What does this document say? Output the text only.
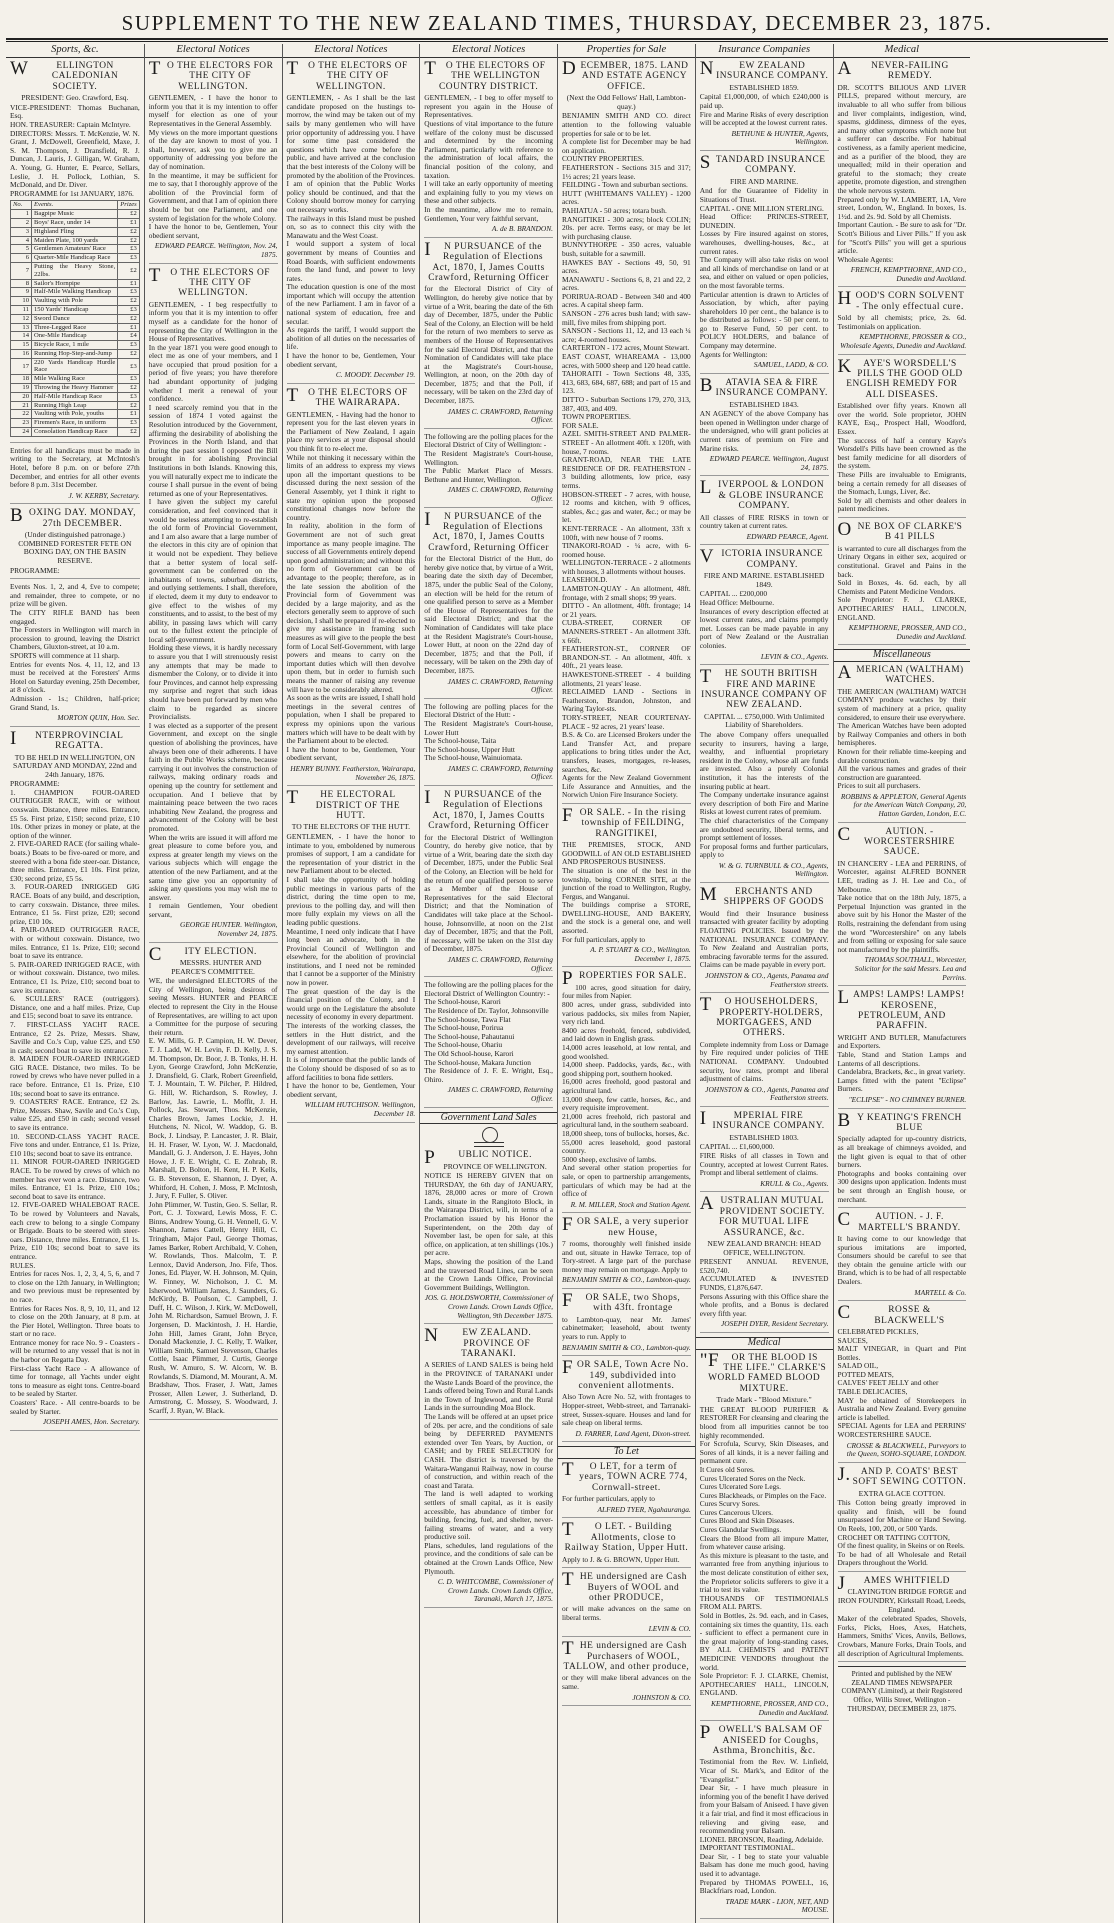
SUPPLEMENT TO THE NEW ZEALAND TIMES, THURSDAY, DECEMBER 23, 1875.
Sports, &c.
WELLINGTON CALEDONIAN SOCIETY.
PRESIDENT: Geo. Crawford, Esq.
VICE-PRESIDENT: Thomas Buchanan, Esq.
HON. TREASURER: Captain McIntyre.
DIRECTORS: Messrs. T. McKenzie, W. N. Grant, J. McDowell, Greenfield, Maxe, J. S. M. Thompson, J. Dransfield, R. J. Duncan, J. Lauris, J. Gilligan, W. Graham, A. Young, G. Hunter, E. Pearce, Sellars, Leslie, J. H. Pollock, Lothian, S. McDonald, and Dr. Diver.
PROGRAMME for 1st JANUARY, 1876.
No.	Events.	Prizes
1	Bagpipe Music	£2
2	Boys' Race, under 14	£1
3	Highland Fling	£2
4	Maiden Plate, 100 yards	£2
5	Gentlemen Amateurs' Race	£3
6	Quarter-Mile Handicap Race	£3
7	Putting the Heavy Stone, 22lbs.	£2
8	Sailor's Hornpipe	£1
9	Half-Mile Walking Handicap	£3
10	Vaulting with Pole	£2
11	150 Yards' Handicap	£3
12	Sword Dance	£2
13	Three-Legged Race	£1
14	One-Mile Handicap	£4
15	Bicycle Race, 1 mile	£3
16	Running Hop-Step-and-Jump	£2
17	220 Yards Handicap Hurdle Race	£3
18	Mile Walking Race	£3
19	Throwing the Heavy Hammer	£2
20	Half-Mile Handicap Race	£3
21	Running High Leap	£2
22	Vaulting with Pole, youths	£1
23	Firemen's Race, in uniform	£3
24	Consolation Handicap Race	£2
Entries for all handicaps must be made in writing to the Secretary, at McIntosh's Hotel, before 8 p.m. on or before 27th December, and entries for all other events before 8 p.m. 31st December.
J. W. KERBY, Secretary.
BOXING DAY. MONDAY, 27th DECEMBER.
(Under distinguished patronage.) COMBINED FORESTER FETE ON BOXING DAY, ON THE BASIN RESERVE.
PROGRAMME:
Events Nos. 1, 2, and 4, £ve to compete; and remainder, three to compete, or no prize will be given.
The CITY RIFLE BAND has been engaged.
The Foresters in Wellington will march in procession to ground, leaving the District Chambers, Gluxton-street, at 10 a.m.
SPORTS will commence at 11 sharp.
Entries for events Nos. 4, 11, 12, and 13 must be received at the Foresters' Arms Hotel on Saturday evening, 25th December, at 8 o'clock.
Admission - 1s.; Children, half-price; Grand Stand, 1s.
MORTON QUIN, Hon. Sec.
INTERPROVINCIAL REGATTA.
TO BE HELD IN WELLINGTON, ON SATURDAY AND MONDAY, 22nd and 24th January, 1876.
PROGRAMME:
1. CHAMPION FOUR-OARED OUTRIGGER RACE, with or without coxswain. Distance, three miles. Entrance, £5 5s. First prize, £150; second prize, £10 10s. Other prizes in money or plate, at the option of the winner.
2. FIVE-OARED RACE (for sailing whale-boats.) Boats to be five-oared or more, and steered with a bona fide steer-oar. Distance, three miles. Entrance, £1 10s. First prize, £30; second prize, £5 5s.
3. FOUR-OARED INRIGGED GIG RACE. Boats of any build, and description, to carry coxswain. Distance, three miles. Entrance, £1 5s. First prize, £20; second prize, £10 10s.
4. PAIR-OARED OUTRIGGER RACE, with or without coxswain. Distance, two miles. Entrance, £1 1s. Prize, £10; second boat to save its entrance.
5. PAIR-OARED INRIGGED RACE, with or without coxswain. Distance, two miles. Entrance, £1 1s. Prize, £10; second boat to save its entrance.
6. SCULLERS' RACE (outriggers). Distance, one and a half miles. Prize, Cup and £15; second boat to save its entrance.
7. FIRST-CLASS YACHT RACE. Entrance, £2 2s. Prize, Messrs. Shaw, Saville and Co.'s Cup, value £25, and £50 in cash; second boat to save its entrance.
8. MAIDEN FOUR-OARED INRIGGED GIG RACE. Distance, two miles. To be rowed by crews who have never pulled in a race before. Entrance, £1 1s. Prize, £10 10s; second boat to save its entrance.
9. COASTERS' RACE. Entrance, £2 2s. Prize, Messrs. Shaw, Savile and Co.'s Cup, value £25, and £50 in cash; second vessel to save its entrance.
10. SECOND-CLASS YACHT RACE. Five tons and under. Entrance, £1 1s. Prize, £10 10s; second boat to save its entrance.
11. MINOR FOUR-OARED INRIGGED RACE. To be rowed by crews of which no member has ever won a race. Distance, two miles. Entrance, £1 1s. Prize, £10 10s.; second boat to save its entrance.
12. FIVE-OARED WHALEBOAT RACE. To be rowed by Volunteers and Navals, each crew to belong to a single Company or Brigade. Boats to be steered with steer-oars. Distance, three miles. Entrance, £1 1s. Prize, £10 10s; second boat to save its entrance.
RULES.
Entries for races Nos. 1, 2, 3, 4, 5, 6, and 7 to close on the 12th January, in Wellington; and two previous must be represented by no race.
Entries for Races Nos. 8, 9, 10, 11, and 12 to close on the 20th January, at 8 p.m. at the Pier Hotel, Wellington. Three boats to start or no race.
Entrance money for race No. 9 - Coasters - will be returned to any vessel that is not in the harbor on Regatta Day.
First-class Yacht Race - A allowance of time for tonnage, all Yachts under eight tons to measure as eight tons. Centre-board to be sealed by Starter.
Coasters' Race. - All centre-boards to be sealed by Starter.
JOSEPH AMES, Hon. Secretary.
Electoral Notices
TO THE ELECTORS FOR THE CITY OF WELLINGTON.
GENTLEMEN, - I have the honor to inform you that it is my intention to offer myself for election as one of your Representatives in the General Assembly.
My views on the more important questions of the day are known to most of you. I shall, however, ask you to give me an opportunity of addressing you before the day of nomination.
In the meantime, it may be sufficient for me to say, that I thoroughly approve of the abolition of the Provincial form of Government, and that I am of opinion there should be but one Parliament, and one system of legislation for the whole Colony.
I have the honor to be, Gentlemen, Your obedient servant,
EDWARD PEARCE. Wellington, Nov. 24, 1875.
TO THE ELECTORS OF THE CITY OF WELLINGTON.
GENTLEMEN, - I beg respectfully to inform you that it is my intention to offer myself as a candidate for the honor of representing the City of Wellington in the House of Representatives.
In the year 1871 you were good enough to elect me as one of your members, and I have occupied that proud position for a period of five years; you have therefore had abundant opportunity of judging whether I merit a renewal of your confidence.
I need scarcely remind you that in the session of 1874 I voted against the Resolution introduced by the Government, affirming the desirability of abolishing the Provinces in the North Island, and that during the past session I opposed the Bill brought in for abolishing Provincial Institutions in both Islands. Knowing this, you will naturally expect me to indicate the course I shall pursue in the event of being returned as one of your Representatives.
I have given the subject my careful consideration, and feel convinced that it would be useless attempting to re-establish the old form of Provincial Government, and I am also aware that a large number of the electors in this city are of opinion that it would not be expedient. They believe that a better system of local self-government can be conferred on the inhabitants of towns, suburban districts, and outlying settlements. I shall, therefore, if elected, deem it my duty to endeavor to give effect to the wishes of my constituents, and to assist, to the best of my ability, in passing laws which will carry out to the fullest extent the principle of local self-government.
Holding these views, it is hardly necessary to assure you that I will strenuously resist any attempts that may be made to dismember the Colony, or to divide it into four Provinces, and cannot help expressing my surprise and regret that such ideas should have been put forward by men who claim to be regarded as sincere Provincialists.
I was elected as a supporter of the present Government, and except on the single question of abolishing the provinces, have always been one of their adherents. I have faith in the Public Works scheme, because carrying it out involves the construction of railways, making ordinary roads and opening up the country for settlement and occupation. And I believe that by maintaining peace between the two races inhabiting New Zealand, the progress and advancement of the Colony will be best promoted.
When the writs are issued it will afford me great pleasure to come before you, and express at greater length my views on the various subjects which will engage the attention of the new Parliament, and at the same time give you an opportunity of asking any questions you may wish me to answer.
I remain Gentlemen, Your obedient servant,
GEORGE HUNTER. Wellington, November 24, 1875.
CITY ELECTION.
MESSRS. HUNTER AND PEARCE'S COMMITTEE.
WE, the undersigned ELECTORS of the City of Wellington, being desirous of seeing Messrs. HUNTER and PEARCE elected to represent the City in the House of Representatives, are willing to act upon a Committee for the purpose of securing their return.
E. W. Mills, G. P. Campion, H. W. Dever, T. J. Ladd, W. H. Levin, F. D. Kelly, J. S. M. Thompson, Dr. Boor, J. B. Tonks, H. H. Lyon, George Crawford, John McKenzie, J. Dransfield, G. Clark, Robert Greenfield, T. J. Mountain, T. W. Pilcher, P. Hildred, G. Hill, W. Richardson, S. Rowley, J. Barlow, Jas. Lawrie, L. Moffit, J. H. Pollock, Jas. Stewart, Thos. McKenzie, Charles Brown, James Lockie, J. H. Hutchens, N. Nicol, W. Waddop, G. B. Bock, J. Lindsay, P. Lancaster, J. R. Blair, H. H. Fraser, W. Lyon, W. J. Macdonald, Mandall, G. J. Anderson, J. E. Hayes, John Howe, J. F. E. Wright, C. E. Zohrab, R. Marshall, D. Bolton, H. Kent, H. P. Kells, G. B. Stevenson, E. Shannon, J. Dyer, A. Whitford, H. Cohen, J. Moss, P. McIntosh, J. Jury, F. Fuller, S. Oliver.
John Plimmer, W. Tustin, Geo. S. Sellar, R. Port, C. J. Toxward, Lewis Moss, F. C. Binns, Andrew Young, G. H. Vennell, G. V. Shannon, James Cattell, Henry Hill, C. Tringham, Major Paul, George Thomas, James Barker, Robert Archibald, V. Cohen, W. Rowlands, Thos. Malcolm, T. P. Lennox, David Anderson, Jno. Fife, Thos. Jones, Ed. Player, W. H. Johnson, M. Quin, W. Finney, W. Nicholson, J. C. M. Isherwood, William James, J. Saunders, G. McKirdy, B. Poulson, C. Campbell, J. Duff, H. C. Wilson, J. Kirk, W. McDowell, John M. Richardson, Samuel Brown, J. F. Jorgensen, D. Mackintosh, J. H. Hardie, John Hill, James Grant, John Bryce, Donald Mackenzie, J. C. Kelly, T. Walker, William Smith, Samuel Stevenson, Charles Cottle, Isaac Plimmer, J. Curtis, George Rush, W. Amuro, S. W. Alcorn, W. B. Rowlands, S. Diamond, M. Mourant, A. M. Bradshaw, Thos. Fraser, J. Watt, James Prosser, Allen Lewer, J. Sutherland, D. Armstrong, C. Mossey, S. Woodward, J. Scarff, J. Ryan, W. Black.
Electoral Notices
TO THE ELECTORS OF THE CITY OF WELLINGTON.
GENTLEMEN, - As I shall be the last candidate proposed on the hustings to-morrow, the wind may be taken out of my sails by many gentlemen who will have prior opportunity of addressing you. I have for some time past considered the questions which have come before the public, and have arrived at the conclusion that the best interests of the Colony will be promoted by the abolition of the Provinces.
I am of opinion that the Public Works policy should be continued, and that the Colony should borrow money for carrying out necessary works.
The railways in this Island must be pushed on, so as to connect this city with the Manawatu and the West Coast.
I would support a system of local government by means of Counties and Road Boards, with sufficient endowments from the land fund, and power to levy rates.
The education question is one of the most important which will occupy the attention of the new Parliament. I am in favor of a national system of education, free and secular.
As regards the tariff, I would support the abolition of all duties on the necessaries of life.
I have the honor to be, Gentlemen, Your obedient servant,
C. MOODY. December 19.
TO THE ELECTORS OF THE WAIRARAPA.
GENTLEMEN, - Having had the honor to represent you for the last eleven years in the Parliament of New Zealand, I again place my services at your disposal should you think fit to re-elect me.
While not thinking it necessary within the limits of an address to express my views upon all the important questions to be discussed during the next session of the General Assembly, yet I think it right to state my opinion upon the proposed constitutional changes now before the country.
In reality, abolition in the form of Government are not of such great importance as many people imagine. The success of all Governments entirely depend upon good administration; and without this no form of Government can be of advantage to the people; therefore, as in the late session the abolition of the Provincial form of Government was decided by a large majority, and as the electors generally seem to approve of such decision, I shall be prepared if re-elected to give my assistance in framing such measures as will give to the people the best form of Local Self-Government, with large powers and means to carry on the important duties which will then devolve upon them, but in order to furnish such means the manner of raising any revenue will have to be considerably altered.
As soon as the writs are issued, I shall hold meetings in the several centres of population, when I shall be prepared to express my opinions upon the various matters which will have to be dealt with by the Parliament about to be elected.
I have the honor to be, Gentlemen, Your obedient servant,
HENRY BUNNY. Featherston, Wairarapa, November 26, 1875.
THE ELECTORAL DISTRICT OF THE HUTT.
TO THE ELECTORS OF THE HUTT.
GENTLEMEN, - I have the honor to intimate to you, emboldened by numerous promises of support, I am a candidate for the representation of your district in the new Parliament about to be elected.
I shall take the opportunity of holding public meetings in various parts of the district, during the time open to me, previous to the polling day, and will then more fully explain my views on all the leading public questions.
Meantime, I need only indicate that I have long been an advocate, both in the Provincial Council of Wellington and elsewhere, for the abolition of provincial institutions, and I need not be reminded that I cannot be a supporter of the Ministry now in power.
The great question of the day is the financial position of the Colony, and I would urge on the Legislature the absolute necessity of economy in every department.
The interests of the working classes, the settlers in the Hutt district, and the development of our railways, will receive my earnest attention.
It is of importance that the public lands of the Colony should be disposed of so as to afford facilities to bona fide settlers.
I have the honor to be, Gentlemen, Your obedient servant,
WILLIAM HUTCHISON. Wellington, December 18.
Electoral Notices
TO THE ELECTORS OF THE WELLINGTON COUNTRY DISTRICT.
GENTLEMEN, - I beg to offer myself to represent you again in the House of Representatives.
Questions of vital importance to the future welfare of the colony must be discussed and determined by the incoming Parliament, particularly with reference to the administration of local affairs, the financial position of the colony, and taxation.
I will take an early opportunity of meeting and explaining fully to you my views on these and other subjects.
In the meantime, allow me to remain, Gentlemen, Your very faithful servant,
A. de B. BRANDON.
IN PURSUANCE of the Regulation of Elections Act, 1870, I, James Coutts Crawford, Returning Officer
for the Electoral District of City of Wellington, do hereby give notice that by virtue of a Writ, bearing the date of the 6th day of December, 1875, under the Public Seal of the Colony, an Election will be held for the return of two members to serve as members of the House of Representatives for the said Electoral District, and that the Nomination of Candidates will take place at the Magistrate's Court-house, Wellington, at noon, on the 20th day of December, 1875; and that the Poll, if necessary, will be taken on the 23rd day of December, 1875.
JAMES C. CRAWFORD, Returning Officer.
The following are the polling places for the Electoral District of City of Wellington: -
The Resident Magistrate's Court-house, Wellington.
The Public Market Place of Messrs. Bethune and Hunter, Wellington.
JAMES C. CRAWFORD, Returning Officer.
IN PURSUANCE of the Regulation of Elections Act, 1870, I, James Coutts Crawford, Returning Officer
for the Electoral District of the Hutt, do hereby give notice that, by virtue of a Writ, bearing date the sixth day of December, 1875, under the public Seal of the Colony, an election will be held for the return of one qualified person to serve as a Member of the House of Representatives for the said Electoral District; and that the Nomination of Candidates will take place at the Resident Magistrate's Court-house, Lower Hutt, at noon on the 22nd day of December, 1875; and that the Poll, if necessary, will be taken on the 29th day of December, 1875.
JAMES C. CRAWFORD, Returning Officer.
The following are polling places for the Electoral District of the Hutt: -
The Resident Magistrate's Court-house, Lower Hutt
The School-house, Taita
The School-house, Upper Hutt
The School-house, Wainuiomata.
JAMES C. CRAWFORD, Returning Officer.
IN PURSUANCE of the Regulation of Elections Act, 1870, I, James Coutts Crawford, Returning Officer
for the Electoral District of Wellington Country, do hereby give notice, that by virtue of a Writ, bearing date the sixth day of December, 1875, under the Public Seal of the Colony, an Election will be held for the return of one qualified person to serve as a Member of the House of Representatives for the said Electoral District; and that the Nomination of Candidates will take place at the School-house, Johnsonville, at noon on the 21st day of December, 1875; and that the Poll, if necessary, will be taken on the 31st day of December, 1875.
JAMES C. CRAWFORD, Returning Officer.
The following are the polling places for the Electoral District of Wellington Country: -
The School-house, Karori
The Residence of Dr. Taylor, Johnsonville
The School-house, Tawa Flat
The School-house, Porirua
The School-house, Pahautanui
The School-house, Ohariu
The Old School-house, Karori
The School-house, Makara Junction
The Residence of J. F. E. Wright, Esq., Ohiro.
JAMES C. CRAWFORD, Returning Officer.
Government Land Sales
PUBLIC NOTICE.
PROVINCE OF WELLINGTON.
NOTICE IS HEREBY GIVEN that on THURSDAY, the 6th day of JANUARY, 1876, 28,000 acres or more of Crown Lands, situate in the Rangitoto Block, in the Wairarapa District, will, in terms of a Proclamation issued by his Honor the Superintendent, on the 20th day of November last, be open for sale, at this office, on application, at ten shillings (10s.) per acre.
Maps, showing the position of the Land and the traversed Road Lines, can be seen at the Crown Lands Office, Provincial Government Buildings, Wellington.
JOS. G. HOLDSWORTH, Commissioner of Crown Lands. Crown Lands Office, Wellington, 9th December 1875.
NEW ZEALAND. PROVINCE OF TARANAKI.
A SERIES of LAND SALES is being held in the PROVINCE of TARANAKI under the Waste Lands Board of the province, the Lands offered being Town and Rural Lands in the Town of Inglewood, and the Rural Lands in the surrounding Moa Block.
The Lands will be offered at an upset price of 20s. per acre, and the conditions of sale being by DEFERRED PAYMENTS extended over Ten Years, by Auction, or CASH; and by FREE SELECTION for CASH. The district is traversed by the Waitara-Wanganui Railway, now in course of construction, and within reach of the coast and Tarata.
The land is well adapted to working settlers of small capital, as it is easily accessible, has abundance of timber for building, fencing, fuel, and shelter, never-failing streams of water, and a very productive soil.
Plans, schedules, land regulations of the province, and the conditions of sale can be obtained at the Crown Lands Office, New Plymouth.
C. D. WHITCOMBE, Commissioner of Crown Lands. Crown Lands Office, Taranaki, March 17, 1875.
Properties for Sale
DECEMBER, 1875. LAND AND ESTATE AGENCY OFFICE.
(Next the Odd Fellows' Hall, Lambton-quay.)
BENJAMIN SMITH AND CO. direct attention to the following valuable properties for sale or to be let.
A complete list for December may be had on application.
COUNTRY PROPERTIES.
FEATHERSTON - Sections 315 and 317; 1½ acres; 21 years lease.
FEILDING - Town and suburban sections.
HUTT (WHITEMAN'S VALLEY) - 1200 acres.
PAHIATUA - 50 acres; totara bush.
RANGITIKEI - 300 acres; block COLIN; 20s. per acre. Terms easy, or may be let with purchasing clause.
BUNNYTHORPE - 350 acres, valuable bush, suitable for a sawmill.
HAWKES BAY - Sections 49, 50, 91 acres.
MANAWATU - Sections 6, 8, 21 and 22, 2 acres.
PORIRUA-ROAD - Between 340 and 400 acres. A capital sheep farm.
SANSON - 276 acres bush land; with saw-mill, five miles from shipping port.
SANSON - Sections 11, 12, and 13 each ¼ acre; 4-roomed houses.
CARTERTON - 172 acres, Mount Stewart.
EAST COAST, WHAREAMA - 13,000 acres, with 5000 sheep and 120 head cattle.
TAHORAITI - Town Sections 48, 335, 413, 683, 684, 687, 688; and part of 15 and 123.
DITTO - Suburban Sections 179, 270, 313, 387, 403, and 409.
TOWN PROPERTIES.
FOR SALE.
AZEL SMITH-STREET AND PALMER-STREET - An allotment 40ft. x 120ft, with house, 7 rooms.
GRANT-ROAD, NEAR THE LATE RESIDENCE OF DR. FEATHERSTON - 3 building allotments, low price, easy terms.
HOBSON-STREET - 7 acres, with house, 12 rooms and kitchen, with 9 offices, stables, &c.; gas and water, &c.; or may be let.
KENT-TERRACE - An allotment, 33ft x 100ft, with new house of 7 rooms.
TINAKORI-ROAD - ¼ acre, with 6-roomed house.
WELLINGTON-TERRACE - 2 allotments with houses, 3 allotments without houses.
LEASEHOLD.
LAMBTON-QUAY - An allotment, 48ft. frontage, with 2 small shops; 99 years.
DITTO - An allotment, 40ft. frontage; 14 or 21 years.
CUBA-STREET, CORNER OF MANNERS-STREET - An allotment 33ft. x 66ft.
FEATHERSTON-ST., CORNER OF BRANDON-ST. - An allotment, 40ft. x 40ft., 21 years lease.
HAWKESTONE-STREET - 4 building allotments, 21 years' lease.
RECLAIMED LAND - Sections in Featherston, Brandon, Johnston, and Waring Taylor-sts.
TORY-STREET, NEAR COURTENAY-PLACE - 92 acres, 21 years' lease.
B.S. & Co. are Licensed Brokers under the Land Transfer Act, and prepare applications to bring titles under the Act, transfers, leases, mortgages, re-leases, searches, &c.
Agents for the New Zealand Government Life Assurance and Annuities, and the Norwich Union Fire Insurance Society.
FOR SALE. - In the rising township of FEILDING, RANGITIKEI,
THE PREMISES, STOCK, AND GOODWILL of AN OLD ESTABLISHED AND PROSPEROUS BUSINESS.
The situation is one of the best in the township, being CORNER SITE, at the junction of the road to Wellington, Rugby, Fergus, and Wanganui.
The buildings comprise a STORE, DWELLING-HOUSE, AND BAKERY, and the stock is a general one, and well assorted.
For full particulars, apply to
A. P. STUART & CO., Wellington. December 1, 1875.
PROPERTIES FOR SALE.
100 acres, good situation for dairy, four miles from Napier.
800 acres, under grass, subdivided into various paddocks, six miles from Napier, very rich land.
8400 acres freehold, fenced, subdivided, and laid down in English grass.
14,000 acres leasehold, at low rental, and good woolshed.
14,000 sheep. Paddocks, yards, &c., with good shipping port, southern hooked.
16,000 acres freehold, good pastoral and agricultural land.
13,000 sheep, few cattle, horses, &c., and every requisite improvement.
21,000 acres freehold, rich pastoral and agricultural land, in the southern seaboard.
18,000 sheep, tons of bullocks, horses, &c.
55,000 acres leasehold, good pastoral country.
5000 sheep, exclusive of lambs.
And several other station properties for sale, or open to partnership arrangements, particulars of which may be had at the office of
R. M. MILLER, Stock and Station Agent.
FOR SALE, a very superior new House,
7 rooms, thoroughly well finished inside and out, situate in Hawke Terrace, top of Tory-street. A large part of the purchase money may remain on mortgage. Apply to
BENJAMIN SMITH & CO., Lambton-quay.
FOR SALE, two Shops, with 43ft. frontage
to Lambton-quay, near Mr. James' cabinetmaker; leasehold, about twenty years to run. Apply to
BENJAMIN SMITH & CO., Lambton-quay.
FOR SALE, Town Acre No. 149, subdivided into convenient allotments.
Also Town Acre No. 52, with frontages to Hopper-street, Webb-street, and Tarranaki-street, Sussex-square. Houses and land for sale cheap on liberal terms.
D. FARRER, Land Agent, Dixon-street.
To Let
TO LET, for a term of years, TOWN ACRE 774, Cornwall-street.
For further particulars, apply to
ALFRED TYER, Ngahauranga.
TO LET. - Building Allotments, close to Railway Station, Upper Hutt.
Apply to J. & G. BROWN, Upper Hutt.
THE undersigned are Cash Buyers of WOOL and other PRODUCE,
or will make advances on the same on liberal terms.
LEVIN & CO.
THE undersigned are Cash Purchasers of WOOL, TALLOW, and other produce,
or they will make liberal advances on the same.
JOHNSTON & CO.
Insurance Companies
NEW ZEALAND INSURANCE COMPANY.
ESTABLISHED 1859.
Capital £1,000,000, of which £240,000 is paid up.
Fire and Marine Risks of every description will be accepted at the lowest current rates.
BETHUNE & HUNTER, Agents, Wellington.
STANDARD INSURANCE COMPANY.
FIRE AND MARINE.
And for the Guarantee of Fidelity in Situations of Trust.
CAPITAL - ONE MILLION STERLING.
Head Office: PRINCES-STREET, DUNEDIN.
Losses by Fire insured against on stores, warehouses, dwelling-houses, &c., at current rates.
The Company will also take risks on wool and all kinds of merchandise on land or at sea, and either on valued or open policies, on the most favorable terms.
Particular attention is drawn to Articles of Association, by which, after paying shareholders 10 per cent., the balance is to be distributed as follows: - 50 per cent. to go to Reserve Fund, 50 per cent. to POLICY HOLDERS, and balance of Company may determine.
Agents for Wellington:
SAMUEL, LADD, & CO.
BATAVIA SEA & FIRE INSURANCE COMPANY.
ESTABLISHED 1843.
AN AGENCY of the above Company has been opened in Wellington under charge of the undersigned, who will grant policies at current rates of premium on Fire and Marine risks.
EDWARD PEARCE. Wellington, August 24, 1875.
LIVERPOOL & LONDON & GLOBE INSURANCE COMPANY.
All classes of FIRE RISKS in town or country taken at current rates.
EDWARD PEARCE, Agent.
VICTORIA INSURANCE COMPANY.
FIRE AND MARINE. ESTABLISHED 1849.
CAPITAL ... £200,000
Head Office: Melbourne.
Insurances of every description effected at lowest current rates, and claims promptly met. Losses can be made payable in any port of New Zealand or the Australian colonies.
LEVIN & CO., Agents.
THE SOUTH BRITISH FIRE AND MARINE INSURANCE COMPANY OF NEW ZEALAND.
CAPITAL ... £750,000. With Unlimited Liability of Shareholders.
The above Company offers unequalled security to insurers, having a large, wealthy, and influential proprietary resident in the Colony, whose all are funds are invested. Also a purely Colonial institution, it has the interests of the insuring public at heart.
The Company undertake insurance against every description of both Fire and Marine Risks at lowest current rates of premium.
The chief characteristics of the Company are undoubted security, liberal terms, and prompt settlement of losses.
For proposal forms and further particulars, apply to
W. & G. TURNBULL & CO., Agents, Wellington.
MERCHANTS AND SHIPPERS OF GOODS
Would find their Insurance business transacted with greater facility by adopting FLOATING POLICIES. Issued by the NATIONAL INSURANCE COMPANY. To New Zealand and Australian ports, embracing favorable terms for the assured. Claims can be made payable in every port.
JOHNSTON & CO., Agents, Panama and Featherston streets.
TO HOUSEHOLDERS, PROPERTY-HOLDERS, MORTGAGEES, AND OTHERS.
Complete indemnity from Loss or Damage by Fire required under policies of THE NATIONAL COMPANY. Undoubted security, low rates, prompt and liberal adjustment of claims.
JOHNSTON & CO., Agents, Panama and Featherston streets.
IMPERIAL FIRE INSURANCE COMPANY.
ESTABLISHED 1803.
CAPITAL ... £1,600,000.
FIRE Risks of all classes in Town and Country, accepted at lowest Current Rates. Prompt and liberal settlement of claims.
KRULL & Co., Agents.
AUSTRALIAN MUTUAL PROVIDENT SOCIETY. FOR MUTUAL LIFE ASSURANCE, &c.
NEW ZEALAND BRANCH: HEAD OFFICE, WELLINGTON.
PRESENT ANNUAL REVENUE, £520,740.
ACCUMULATED & INVESTED FUNDS, £1,876,647.
Persons Assuring with this Office share the whole profits, and a Bonus is declared every fifth year.
JOSEPH DYER, Resident Secretary.
Medical
"FOR THE BLOOD IS THE LIFE." CLARKE'S WORLD FAMED BLOOD MIXTURE.
Trade Mark - "Blood Mixture."
THE GREAT BLOOD PURIFIER & RESTORER For cleansing and clearing the blood from all impurities cannot be too highly recommended.
For Scrofula, Scurvy, Skin Diseases, and Sores of all kinds, it is a never failing and permanent cure.
It Cures old Sores.
Cures Ulcerated Sores on the Neck.
Cures Ulcerated Sore Legs.
Cures Blackheads, or Pimples on the Face.
Cures Scurvy Sores.
Cures Cancerous Ulcers.
Cures Blood and Skin Diseases.
Cures Glandular Swellings.
Clears the Blood from all impure Matter, from whatever cause arising.
As this mixture is pleasant to the taste, and warranted free from anything injurious to the most delicate constitution of either sex, the Proprietor solicits sufferers to give it a trial to test its value.
THOUSANDS OF TESTIMONIALS FROM ALL PARTS.
Sold in Bottles, 2s. 9d. each, and in Cases, containing six times the quantity, 11s. each - sufficient to effect a permanent cure in the great majority of long-standing cases, BY ALL CHEMISTS and PATENT MEDICINE VENDORS throughout the world.
Sole Proprietor: F. J. CLARKE, Chemist, APOTHECARIES' HALL, LINCOLN, ENGLAND.
KEMPTHORNE, PROSSER, AND CO., Dunedin and Auckland.
POWELL'S BALSAM OF ANISEED for Coughs, Asthma, Bronchitis, &c.
Testimonial from the Rev. W. Linfield, Vicar of St. Mark's, and Editor of the "Evangelist."
Dear Sir, - I have much pleasure in informing you of the benefit I have derived from your Balsam of Aniseed. I have given it a fair trial, and find it most efficacious in relieving and giving ease, and recommending your Balsam.
LIONEL BRONSON, Reading, Adelaide.
IMPORTANT TESTIMONIAL.
Dear Sir, - I beg to state your valuable Balsam has done me much good, having used it to advantage.
Prepared by THOMAS POWELL, 16, Blackfriars road, London.
TRADE MARK - LION, NET, AND MOUSE.
Medical
ANEVER-FAILING REMEDY.
DR. SCOTT'S BILIOUS AND LIVER PILLS, prepared without mercury, are invaluable to all who suffer from bilious and liver complaints, indigestion, wind, spasms, giddiness, dimness of the eyes, and many other symptoms which none but a sufferer can describe. For habitual costiveness, as a family aperient medicine, and as a purifier of the blood, they are unequalled; mild in their operation and grateful to the stomach; they create appetite, promote digestion, and strengthen the whole nervous system.
Prepared only by W. LAMBERT, 1A, Vere street, London, W., England. In boxes, 1s. 1½d. and 2s. 9d. Sold by all Chemists.
Important Caution. - Be sure to ask for "Dr. Scott's Bilious and Liver Pills." If you ask for "Scott's Pills" you will get a spurious article.
Wholesale Agents:
FRENCH, KEMPTHORNE, AND CO., Dunedin and Auckland.
HOOD'S CORN SOLVENT - The only effectual cure.
Sold by all chemists; price, 2s. 6d. Testimonials on application.
KEMPTHORNE, PROSSER & CO., Wholesale Agents, Dunedin and Auckland.
KAYE'S WORSDELL'S PILLS THE GOOD OLD ENGLISH REMEDY FOR ALL DISEASES.
Established over fifty years. Known all over the world. Sole proprietor, JOHN KAYE, Esq., Prospect Hall, Woodford, Essex.
The success of half a century Kaye's Worsdell's Pills have been crowned as the best family medicine for all disorders of the system.
These Pills are invaluable to Emigrants, being a certain remedy for all diseases of the Stomach, Lungs, Liver, &c.
Sold by all chemists and other dealers in patent medicines.
ONE BOX OF CLARKE'S B 41 PILLS
is warranted to cure all discharges from the Urinary Organs in either sex, acquired or constitutional. Gravel and Pains in the back.
Sold in Boxes, 4s. 6d. each, by all Chemists and Patent Medicine Vendors.
Sole Proprietor: F. J. CLARKE, APOTHECARIES' HALL, LINCOLN, ENGLAND.
KEMPTHORNE, PROSSER, AND CO., Dunedin and Auckland.
Miscellaneous
AMERICAN (WALTHAM) WATCHES.
THE AMERICAN (WALTHAM) WATCH COMPANY produce watches by their system of machinery at a price, quality considered, to ensure their use everywhere.
The American Watches have been adopted by Railway Companies and others in both hemispheres.
Known for their reliable time-keeping and durable construction.
All the various names and grades of their construction are guaranteed.
Prices to suit all purchasers.
ROBBINS & APPLETON, General Agents for the American Watch Company, 20, Hatton Garden, London, E.C.
CAUTION. - WORCESTERSHIRE SAUCE.
IN CHANCERY - LEA and PERRINS, of Worcester, against ALFRED BONNER LEE, trading as J. H. Lee and Co., of Melbourne.
Take notice that on the 18th July, 1875, a Perpetual Injunction was granted in the above suit by his Honor the Master of the Rolls, restraining the defendant from using the word "Worcestershire" on any labels and from selling or exposing for sale sauce not manufactured by the plaintiffs.
THOMAS SOUTHALL, Worcester, Solicitor for the said Messrs. Lea and Perrins.
LAMPS! LAMPS! LAMPS! KEROSENE, PETROLEUM, AND PARAFFIN.
WRIGHT AND BUTLER, Manufacturers and Exporters.
Table, Stand and Station Lamps and Lanterns of all descriptions.
Candelabra, Brackets, &c., in great variety.
Lamps fitted with the patent "Eclipse" Burners.
"ECLIPSE" - NO CHIMNEY BURNER.
BY KEATING'S FRENCH BLUE
Specially adapted for up-country districts, as all breakage of chimneys avoided, and the light given is equal to that of other burners.
Photographs and books containing over 300 designs upon application. Indents must be sent through an English house, or merchant.
CAUTION. - J. F. MARTELL'S BRANDY.
It having come to our knowledge that spurious imitations are imported, Consumers should be careful to see that they obtain the genuine article with our Brand, which is to be had of all respectable Dealers.
MARTELL & Co.
CROSSE & BLACKWELL'S
CELEBRATED PICKLES,
SAUCES,
MALT VINEGAR, in Quart and Pint Bottles.
SALAD OIL,
POTTED MEATS,
CALVES' FEET JELLY and other
TABLE DELICACIES,
MAY be obtained of Storekeepers in Australia and New Zealand. Every genuine article is labelled.
SPECIAL Agents for LEA and PERRINS' WORCESTERSHIRE SAUCE.
CROSSE & BLACKWELL, Purveyors to the Queen, SOHO-SQUARE, LONDON.
J.AND P. COATS' BEST SOFT SEWING COTTON.
EXTRA GLACE COTTON.
This Cotton being greatly improved in quality and finish, will be found unsurpassed for Machine or Hand Sewing. On Reels, 100, 200, or 500 Yards.
CROCHET OR TATTING COTTON,
Of the finest quality, in Skeins or on Reels.
To be had of all Wholesale and Retail Drapers throughout the World.
JAMES WHITFIELD
CLAYINGTON BRIDGE FORGE and IRON FOUNDRY, Kirkstall Road, Leeds, England.
Maker of the celebrated Spades, Shovels, Forks, Picks, Hoes, Axes, Hatchets, Hammers, Smiths' Vices, Anvils, Bellows, Crowbars, Manure Forks, Drain Tools, and all description of Agricultural Implements.
Printed and published by the NEW ZEALAND TIMES NEWSPAPER COMPANY (Limited), at their Registered Office, Willis Street, Wellington - THURSDAY, DECEMBER 23, 1875.
